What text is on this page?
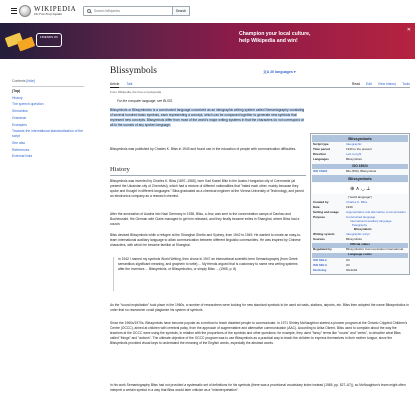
WIKIPEDIA
The Free Encyclopedia
Search Wikipedia	Search
FRIENDS OF	Champion your local culture,
help Wikipedia and win!
✕
Contents [hide]
(Top)
History
The speech question
Semantics
Grammar
Examples
Towards the international standardization of the script
See also
References
External links
Blissymbols	文A 20 languages ▾
Article Talk	Read Edit View history Tools
From Wikipedia, the free encyclopedia
For the computer language, see BLISS.
Blissymbols or Blissymbolics is a constructed language conceived as an ideographic writing system called Semantography consisting of several hundred basic symbols, each representing a concept, which can be composed together to generate new symbols that represent new concepts. Blissymbols differ from most of the world's major writing systems in that the characters do not correspond at all to the sounds of any spoken language.
Blissymbols was published by Charles K. Bliss in 1949 and found use in the education of people with communication difficulties.
History
Blissymbols was invented by Charles K. Bliss (1897–1985), born Karl Kasiel Blitz in the Austro-Hungarian city of Czernowitz (at present the Ukrainian city of Chernivtsi), which had a mixture of different nationalities that "hated each other, mainly because they spoke and thought in different languages." Bliss graduated as a chemical engineer at the Vienna University of Technology, and joined an electronics company as a research chemist.
After the annexation of Austria into Nazi Germany in 1938, Bliss, a Jew, was sent to the concentration camps of Dachau and Buchenwald. His German wife Claire managed to get him released, and they finally became exiles in Shanghai, where Bliss had a cousin.
Bliss devised Blissymbols while a refugee at the Shanghai Ghetto and Sydney, from 1942 to 1949. He wanted to create an easy-to-learn international auxiliary language to allow communication between different linguistic communities. He was inspired by Chinese characters, with which he became familiar at Shanghai.
In 1942 I named my symbols World Writing, then chose in 1947 an international scientific term Semantography (from Greek semantikos significant meaning, and graphein to write) ... My friends argued that is customary to name new writing systems after the inventors ... Blissymbols, or Blissymbolics, or simply Bliss ... (1965, p. 8)
As the "sound exploitation" took place in the 1960s, a number of researchers were looking for new standard symbols to be used at roads, stations, airports, etc. Bliss then adopted the name Blissymbolics in order that no researcher could plagiarize his system of symbols.
Since the 1960s/1970s, Blissymbols have become popular as a method to teach disabled people to communicate. In 1971 Shirley McNaughton started a pioneer program at the Ontario Crippled Children's Centre (OCCC), aimed at children with cerebral palsy, from the approach of augmentative and alternative communication (AAC). According to Arika Okrent, Bliss used to complain about the way the teachers at the OCCC were using the symbols, in relation with the proportions of the symbols and other questions: for example, they used "fancy" terms like "nouns" and "verbs", to describe what Bliss called "things" and "actions". The ultimate objective of the OCCC program was to use Blissymbols as a practical way to teach the children to express themselves in their mother tongue, since the Blissymbols provided visual keys to understand the meaning of the English words, especially the abstract words.
In his work Semantography Bliss had not provided a systematic set of definitions for his symbols (there was a provisional vocabulary index instead (1965, pp. 827–67)), so McNaughton's team might often interpret a certain symbol in a way that Bliss would later criticize as a "misinterpretation".
Blissymbols
Script type	Ideographic
Time period	1949 to the present
Direction	Left-to-right
Languages	Blissymbols
ISO 15924
ISO 15924	Blis (550), Blissymbols
Blissymbols
⊕ ∧ ◡ ⟂
("world language")
Created by	Charles K. Bliss
Date	1949
Setting and usage	Augmentative and alternative communication
Purpose	Constructed language
International auxiliary language
Pasigraphy
Blissymbols
Writing system	Ideographic script
Sources	Blissymbols
Official status
Regulated by	Blissymbolics Communication International
Language codes
ISO 639-2	zbl
ISO 639-3	zbl
Glottolog	blis1234
